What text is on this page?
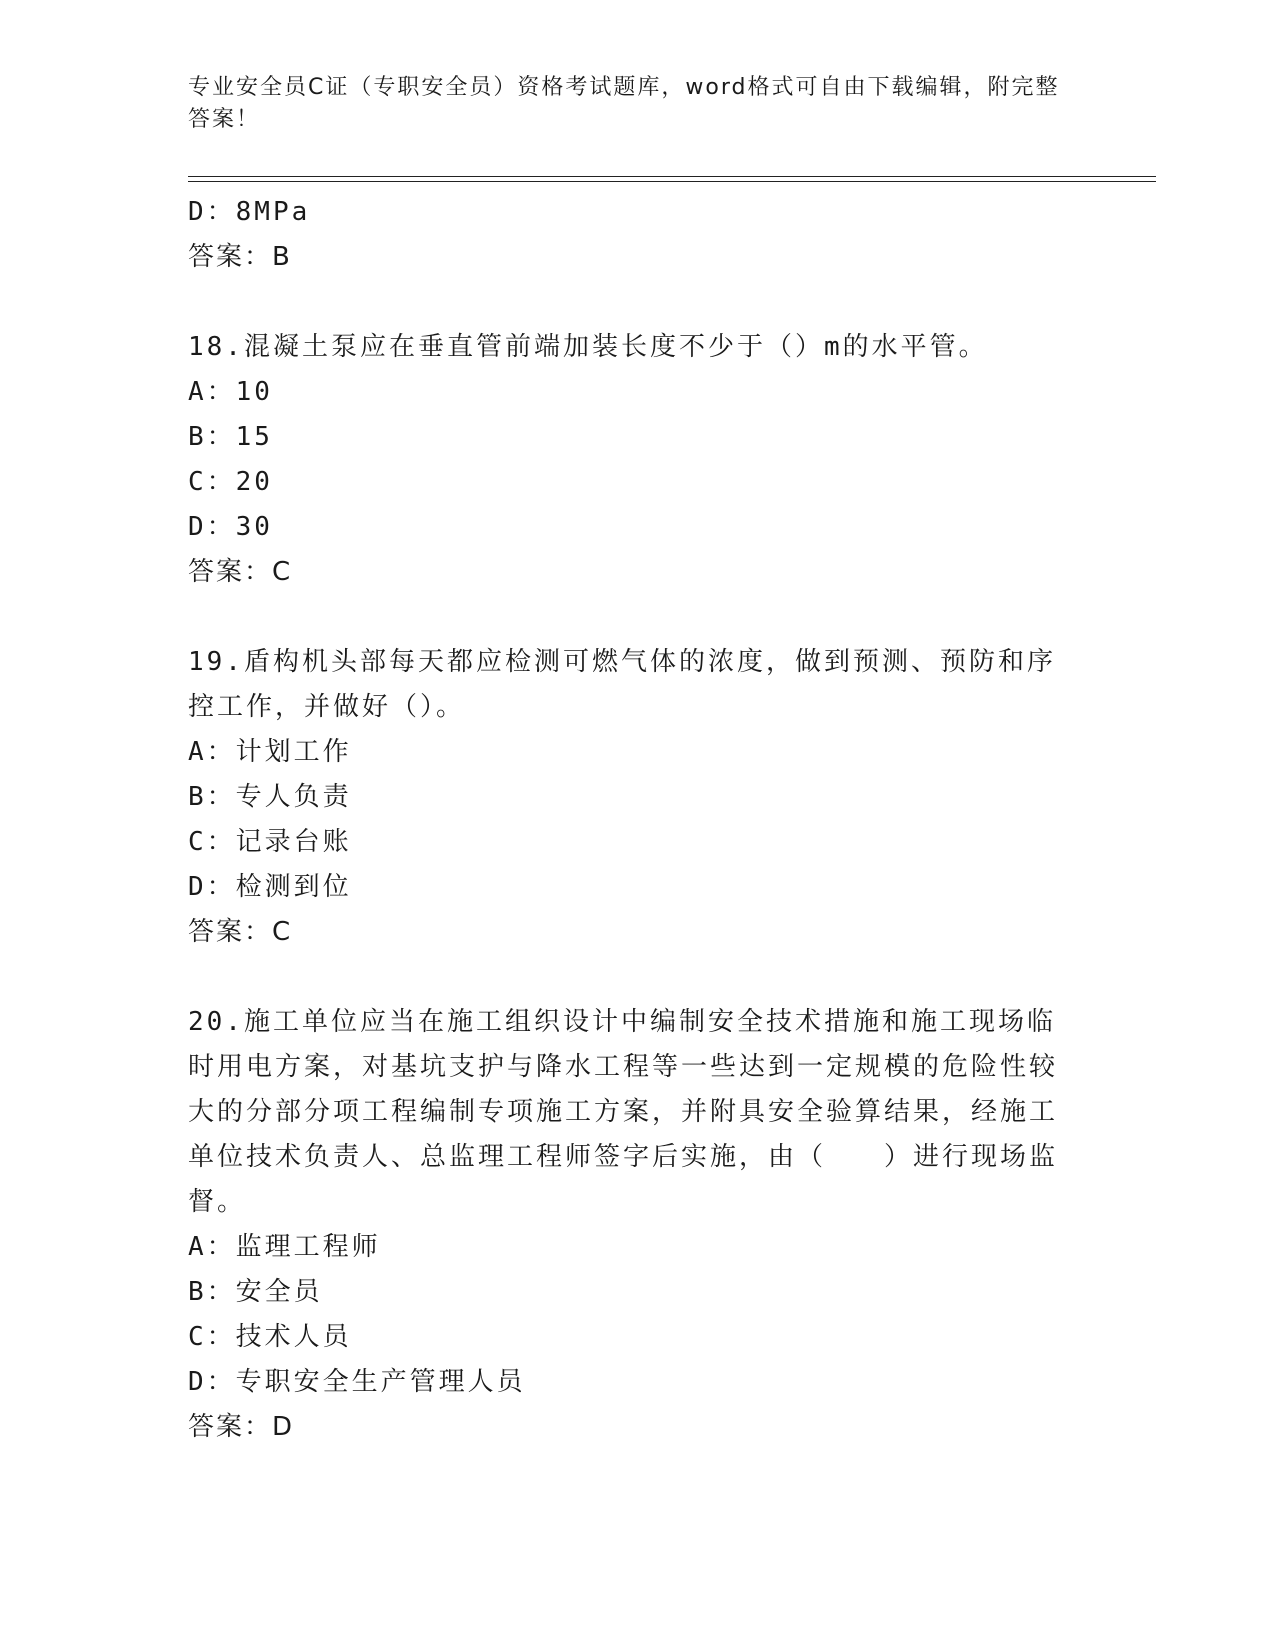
专业安全员C证（专职安全员）资格考试题库，word格式可自由下载编辑，附完整答案！
D：8MPa
答案：B
18.混凝土泵应在垂直管前端加装长度不少于（）m的水平管。
A：10
B：15
C：20
D：30
答案：C
19.盾构机头部每天都应检测可燃气体的浓度，做到预测、预防和序控工作，并做好（）。
A：计划工作
B：专人负责
C：记录台账
D：检测到位
答案：C
20.施工单位应当在施工组织设计中编制安全技术措施和施工现场临时用电方案，对基坑支护与降水工程等一些达到一定规模的危险性较大的分部分项工程编制专项施工方案，并附具安全验算结果，经施工单位技术负责人、总监理工程师签字后实施，由（　　）进行现场监督。
A：监理工程师
B：安全员
C：技术人员
D：专职安全生产管理人员
答案：D
